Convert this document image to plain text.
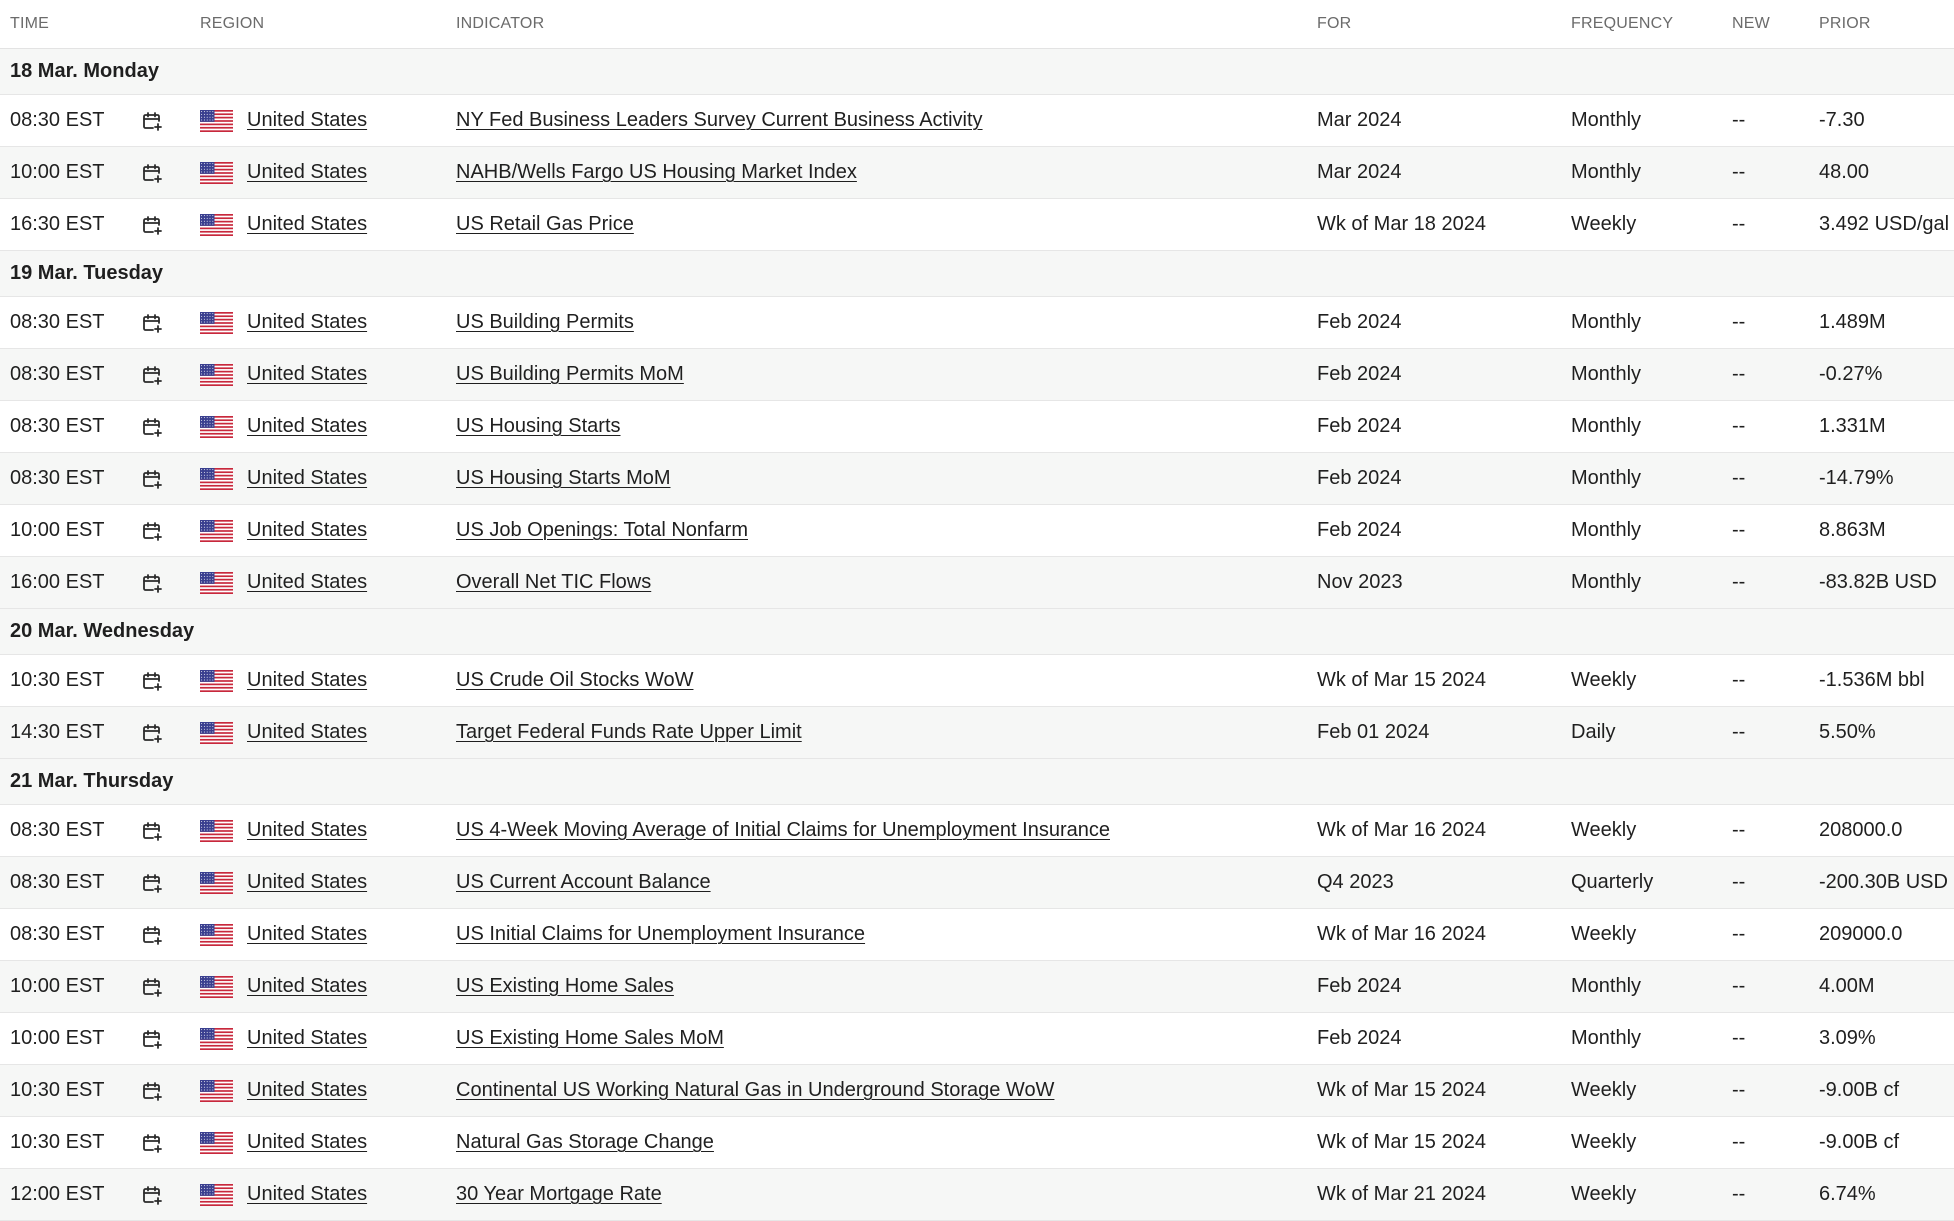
TIME	REGION	INDICATOR	FOR	FREQUENCY	NEW	PRIOR
18 Mar. Monday
08:30 EST	United States	NY Fed Business Leaders Survey Current Business Activity	Mar 2024	Monthly	--	-7.30
10:00 EST	United States	NAHB/Wells Fargo US Housing Market Index	Mar 2024	Monthly	--	48.00
16:30 EST	United States	US Retail Gas Price	Wk of Mar 18 2024	Weekly	--	3.492 USD/gal
19 Mar. Tuesday
08:30 EST	United States	US Building Permits	Feb 2024	Monthly	--	1.489M
08:30 EST	United States	US Building Permits MoM	Feb 2024	Monthly	--	-0.27%
08:30 EST	United States	US Housing Starts	Feb 2024	Monthly	--	1.331M
08:30 EST	United States	US Housing Starts MoM	Feb 2024	Monthly	--	-14.79%
10:00 EST	United States	US Job Openings: Total Nonfarm	Feb 2024	Monthly	--	8.863M
16:00 EST	United States	Overall Net TIC Flows	Nov 2023	Monthly	--	-83.82B USD
20 Mar. Wednesday
10:30 EST	United States	US Crude Oil Stocks WoW	Wk of Mar 15 2024	Weekly	--	-1.536M bbl
14:30 EST	United States	Target Federal Funds Rate Upper Limit	Feb 01 2024	Daily	--	5.50%
21 Mar. Thursday
08:30 EST	United States	US 4-Week Moving Average of Initial Claims for Unemployment Insurance	Wk of Mar 16 2024	Weekly	--	208000.0
08:30 EST	United States	US Current Account Balance	Q4 2023	Quarterly	--	-200.30B USD
08:30 EST	United States	US Initial Claims for Unemployment Insurance	Wk of Mar 16 2024	Weekly	--	209000.0
10:00 EST	United States	US Existing Home Sales	Feb 2024	Monthly	--	4.00M
10:00 EST	United States	US Existing Home Sales MoM	Feb 2024	Monthly	--	3.09%
10:30 EST	United States	Continental US Working Natural Gas in Underground Storage WoW	Wk of Mar 15 2024	Weekly	--	-9.00B cf
10:30 EST	United States	Natural Gas Storage Change	Wk of Mar 15 2024	Weekly	--	-9.00B cf
12:00 EST	United States	30 Year Mortgage Rate	Wk of Mar 21 2024	Weekly	--	6.74%
